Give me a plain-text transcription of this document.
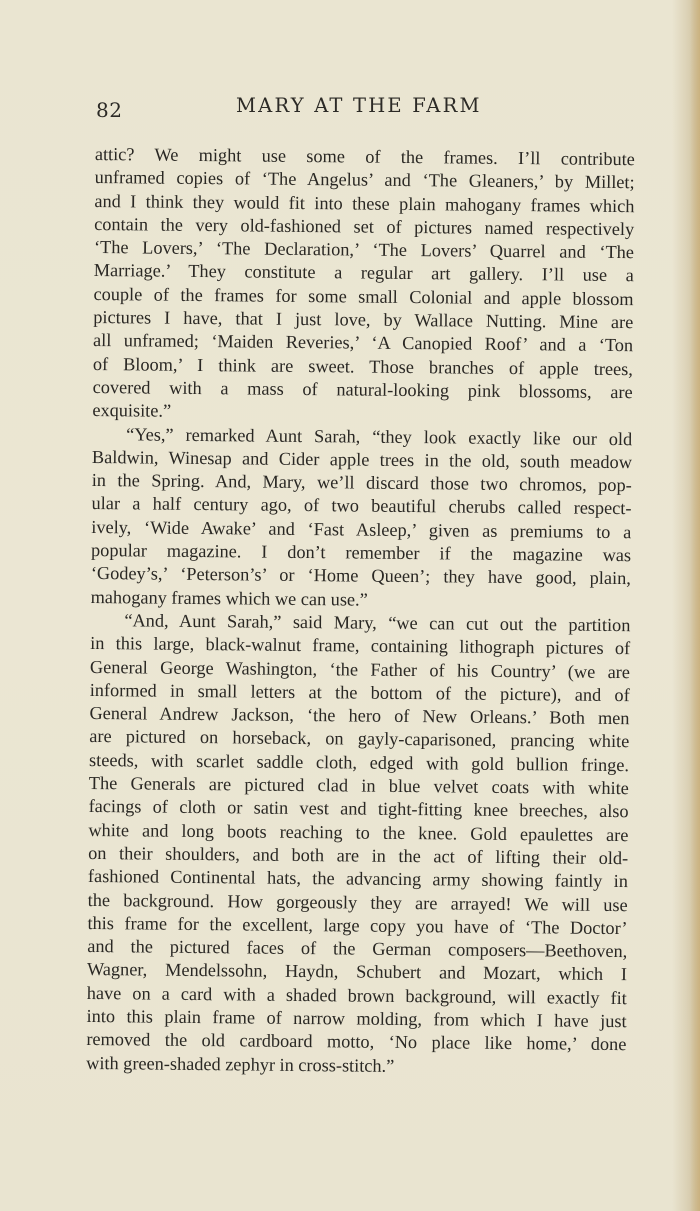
82	MARY AT THE FARM
attic? We might use some of the frames. I’ll contribute
unframed copies of ‘The Angelus’ and ‘The Gleaners,’ by Millet;
and I think they would fit into these plain mahogany frames which
contain the very old-fashioned set of pictures named respectively
‘The Lovers,’ ‘The Declaration,’ ‘The Lovers’ Quarrel and ‘The
Marriage.’ They constitute a regular art gallery. I’ll use a
couple of the frames for some small Colonial and apple blossom
pictures I have, that I just love, by Wallace Nutting. Mine are
all unframed; ‘Maiden Reveries,’ ‘A Canopied Roof’ and a ‘Ton
of Bloom,’ I think are sweet. Those branches of apple trees,
covered with a mass of natural-looking pink blossoms, are
exquisite.”
“Yes,” remarked Aunt Sarah, “they look exactly like our old
Baldwin, Winesap and Cider apple trees in the old, south meadow
in the Spring. And, Mary, we’ll discard those two chromos, pop-
ular a half century ago, of two beautiful cherubs called respect-
ively, ‘Wide Awake’ and ‘Fast Asleep,’ given as premiums to a
popular magazine. I don’t remember if the magazine was
‘Godey’s,’ ‘Peterson’s’ or ‘Home Queen’; they have good, plain,
mahogany frames which we can use.”
“And, Aunt Sarah,” said Mary, “we can cut out the partition
in this large, black-walnut frame, containing lithograph pictures of
General George Washington, ‘the Father of his Country’ (we are
informed in small letters at the bottom of the picture), and of
General Andrew Jackson, ‘the hero of New Orleans.’ Both men
are pictured on horseback, on gayly-caparisoned, prancing white
steeds, with scarlet saddle cloth, edged with gold bullion fringe.
The Generals are pictured clad in blue velvet coats with white
facings of cloth or satin vest and tight-fitting knee breeches, also
white and long boots reaching to the knee. Gold epaulettes are
on their shoulders, and both are in the act of lifting their old-
fashioned Continental hats, the advancing army showing faintly in
the background. How gorgeously they are arrayed! We will use
this frame for the excellent, large copy you have of ‘The Doctor’
and the pictured faces of the German composers—Beethoven,
Wagner, Mendelssohn, Haydn, Schubert and Mozart, which I
have on a card with a shaded brown background, will exactly fit
into this plain frame of narrow molding, from which I have just
removed the old cardboard motto, ‘No place like home,’ done
with green-shaded zephyr in cross-stitch.”
